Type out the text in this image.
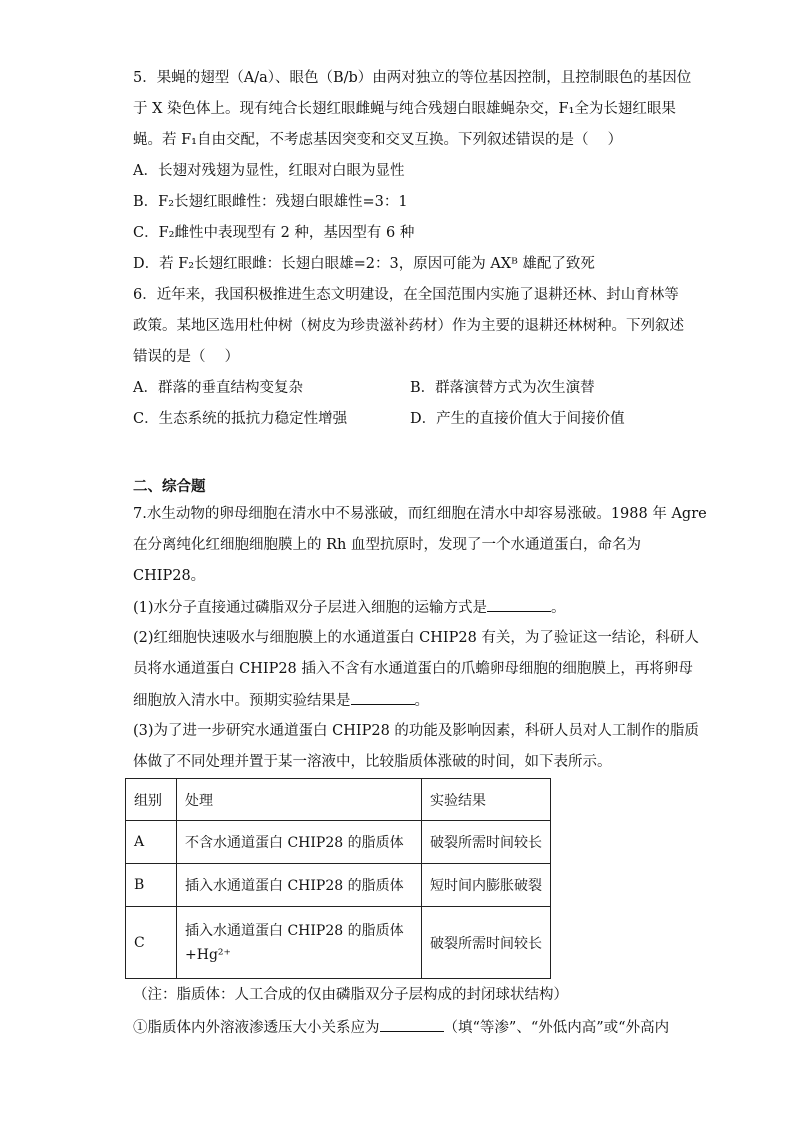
5．果蝇的翅型（A/a）、眼色（B/b）由两对独立的等位基因控制，且控制眼色的基因位
于 X 染色体上。现有纯合长翅红眼雌蝇与纯合残翅白眼雄蝇杂交，F₁全为长翅红眼果
蝇。若 F₁自由交配，不考虑基因突变和交叉互换。下列叙述错误的是（　 ）
A．长翅对残翅为显性，红眼对白眼为显性
B．F₂长翅红眼雌性：残翅白眼雄性=3：1
C．F₂雌性中表现型有 2 种，基因型有 6 种
D．若 F₂长翅红眼雌：长翅白眼雄=2：3，原因可能为 AXᴮ 雄配了致死
6．近年来，我国积极推进生态文明建设，在全国范围内实施了退耕还林、封山育林等
政策。某地区选用杜仲树（树皮为珍贵滋补药材）作为主要的退耕还林树种。下列叙述
错误的是（　 ）
A．群落的垂直结构变复杂	B．群落演替方式为次生演替
C．生态系统的抵抗力稳定性增强	D．产生的直接价值大于间接价值
二、综合题
7.水生动物的卵母细胞在清水中不易涨破，而红细胞在清水中却容易涨破。1988 年 Agre
在分离纯化红细胞细胞膜上的 Rh 血型抗原时，发现了一个水通道蛋白，命名为
CHIP28。
(1)水分子直接通过磷脂双分子层进入细胞的运输方式是	。
(2)红细胞快速吸水与细胞膜上的水通道蛋白 CHIP28 有关，为了验证这一结论，科研人
员将水通道蛋白 CHIP28 插入不含有水通道蛋白的爪蟾卵母细胞的细胞膜上，再将卵母
细胞放入清水中。预期实验结果是	。
(3)为了进一步研究水通道蛋白 CHIP28 的功能及影响因素，科研人员对人工制作的脂质
体做了不同处理并置于某一溶液中，比较脂质体涨破的时间，如下表所示。
组别	处理	实验结果
A	不含水通道蛋白 CHIP28 的脂质体	破裂所需时间较长
B	插入水通道蛋白 CHIP28 的脂质体	短时间内膨胀破裂
C	插入水通道蛋白 CHIP28 的脂质体
+Hg²⁺	破裂所需时间较长
（注：脂质体：人工合成的仅由磷脂双分子层构成的封闭球状结构）
①脂质体内外溶液渗透压大小关系应为	（填“等渗”、“外低内高”或“外高内
